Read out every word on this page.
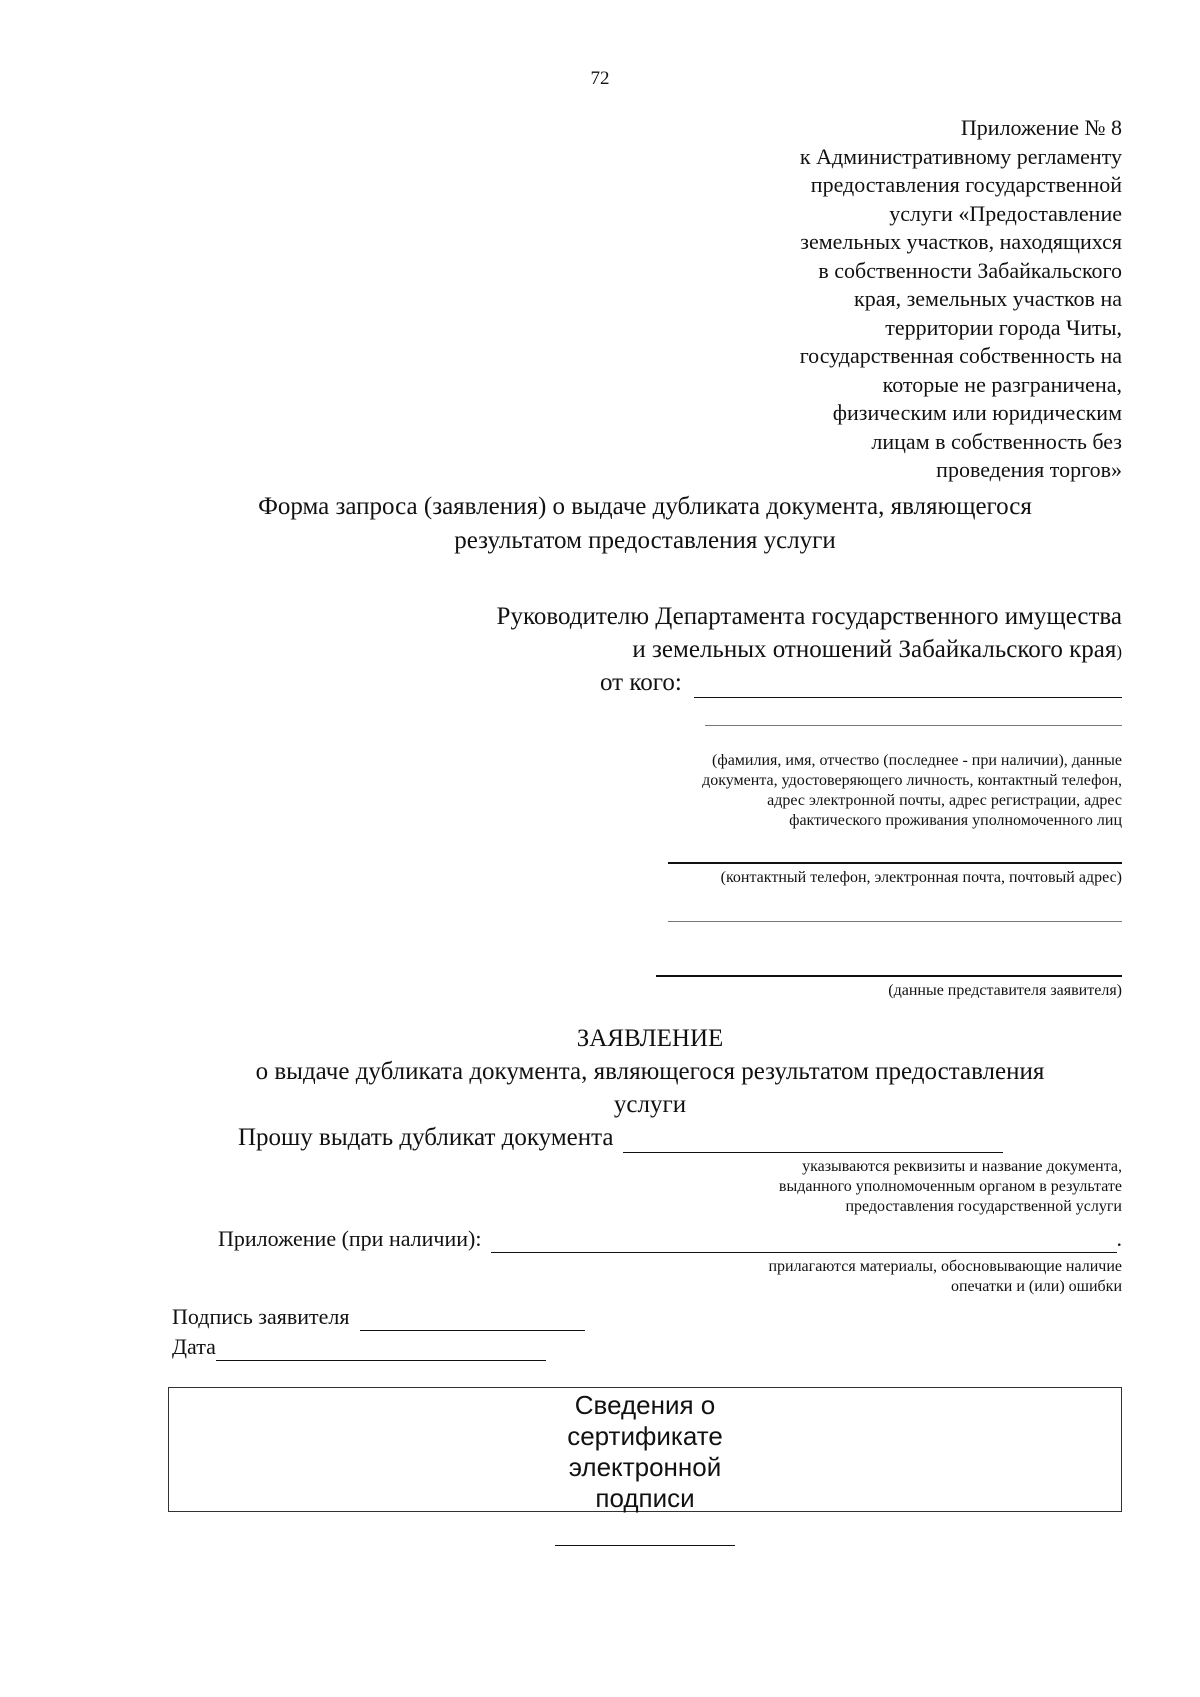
72
Приложение № 8
к Административному регламенту
предоставления государственной
услуги «Предоставление
земельных участков, находящихся
в собственности Забайкальского
края, земельных участков на
территории города Читы,
государственная собственность на
которые не разграничена,
физическим или юридическим
лицам в собственность без
проведения торгов»
Форма запроса (заявления) о выдаче дубликата документа, являющегося
результатом предоставления услуги
Руководителю Департамента государственного имущества
и земельных отношений Забайкальского края)
от кого:
(фамилия, имя, отчество (последнее - при наличии), данные
документа, удостоверяющего личность, контактный телефон,
адрес электронной почты, адрес регистрации, адрес
фактического проживания уполномоченного лиц
(контактный телефон, электронная почта, почтовый адрес)
(данные представителя заявителя)
ЗАЯВЛЕНИЕ
о выдаче дубликата документа, являющегося результатом предоставления
услуги
Прошу выдать дубликат документа
указываются реквизиты и название документа,
выданного уполномоченным органом в результате
предоставления государственной услуги
Приложение (при наличии):	.
прилагаются материалы, обосновывающие наличие
опечатки и (или) ошибки
Подпись заявителя
Дата
Сведения о
сертификате
электронной
подписи
